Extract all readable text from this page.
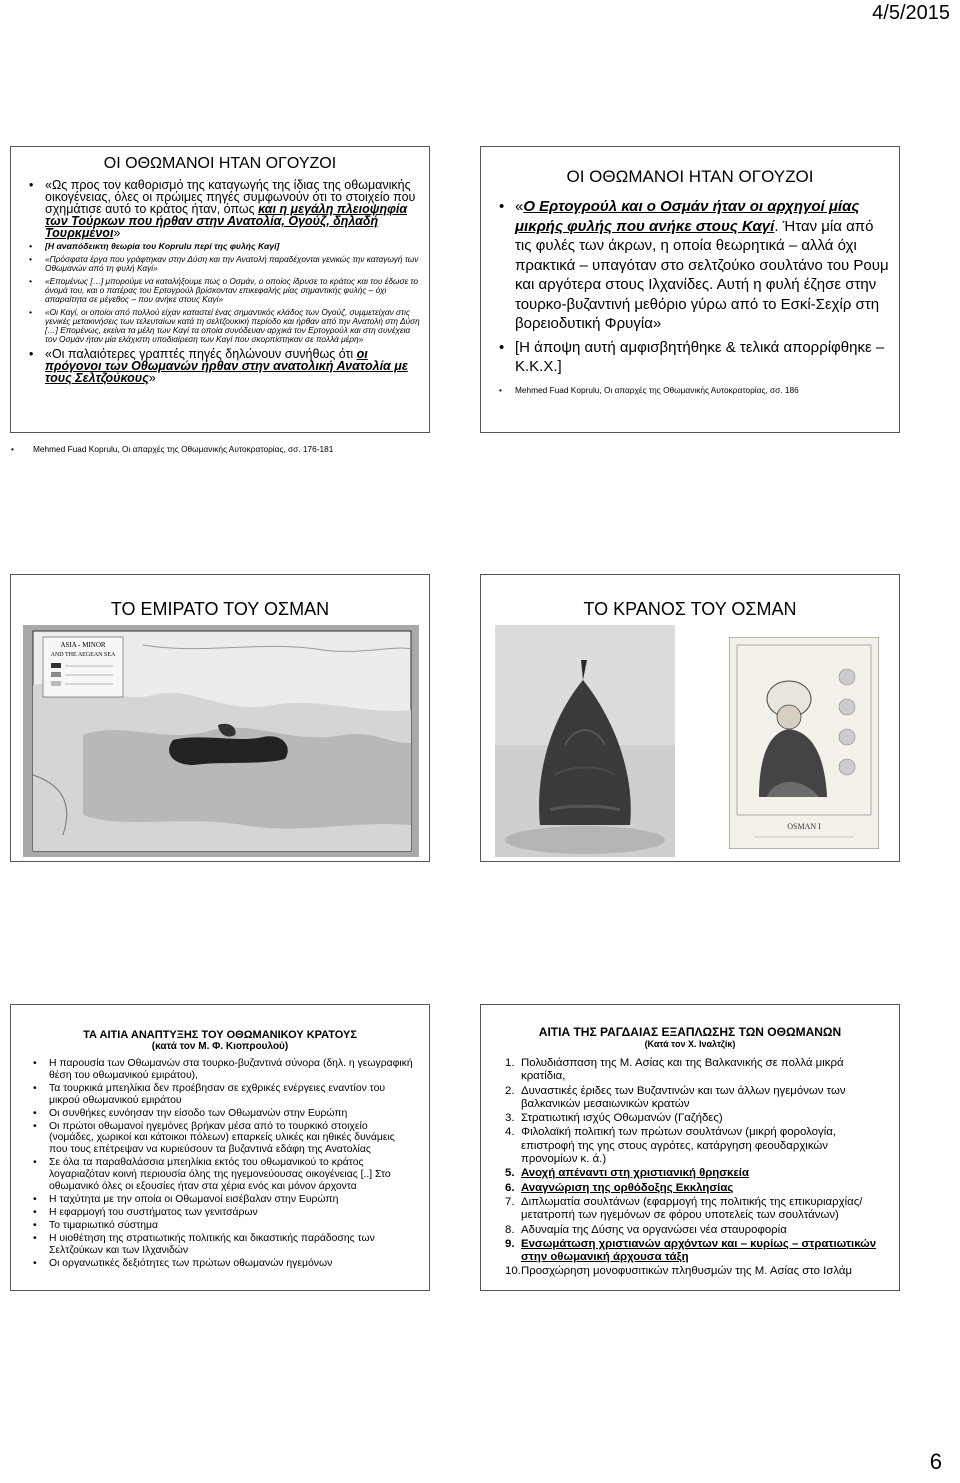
4/5/2015
ΟΙ ΟΘΩΜΑΝΟΙ ΗΤΑΝ ΟΓΟΥΖΟΙ
• «Ως προς τον καθορισμό της καταγωγής της ίδιας της οθωμανικής οικογένειας, όλες οι πρώιμες πηγές συμφωνούν ότι το στοιχείο που σχημάτισε αυτό το κράτος ήταν, όπως και η μεγάλη πλειοψηφία των Τούρκων που ήρθαν στην Ανατολία, Ογούζ, δηλαδή Τουρκμένοι»
• [Η αναπόδεικτη θεωρία του Koprulu περί της φυλής Καγί]
• «Πρόσφατα έργα που γράφτηκαν στην Δύση και την Ανατολή παραδέχονται γενικώς την καταγωγή των Οθωμανών από τη φυλή Καγί»
• «Επομένως […] μπορούμε να καταλήξουμε πως ο Οσμάν, ο οποίος ίδρυσε το κράτος και του έδωσε το όνομά του, και ο πατέρας του Ερτογρούλ βρίσκονταν επικεφαλής μίας σημαντικής φυλής – όχι απαραίτητα σε μέγεθος – που ανήκε στους Καγί»
• «Οι Καγί, οι οποίοι από πολλού είχαν καταστεί ένας σημαντικός κλάδος των Ογούζ, συμμετείχαν στις γενικές μετακινήσεις των τελευταίων κατά τη σελτζουκική περίοδο και ήρθαν από την Ανατολή στη Δύση […] Επομένως, εκείνα τα μέλη των Καγί τα οποία συνόδευαν αρχικά τον Ερτογρούλ και στη συνέχεια τον Οσμάν ήταν μία ελάχιστη υποδιαίρεση των Καγί που σκορπίστηκαν σε πολλά μέρη»
• «Οι παλαιότερες γραπτές πηγές δηλώνουν συνήθως ότι οι πρόγονοι των Οθωμανών ήρθαν στην ανατολική Ανατολία με τους Σελτζούκους»
• Mehmed Fuad Koprulu, Οι απαρχές της Οθωμανικής Αυτοκρατορίας, σσ. 176-181
ΟΙ ΟΘΩΜΑΝΟΙ ΗΤΑΝ ΟΓΟΥΖΟΙ
• «Ο Ερτογρούλ και ο Οσμάν ήταν οι αρχηγοί μίας μικρής φυλής που ανήκε στους Καγί. Ήταν μία από τις φυλές των άκρων, η οποία θεωρητικά – αλλά όχι πρακτικά – υπαγόταν στο σελτζούκο σουλτάνο του Ρουμ και αργότερα στους Ιλχανίδες. Αυτή η φυλή έζησε στην τουρκο-βυζαντινή μεθόριο γύρω από το Εσκί-Σεχίρ στη βορειοδυτική Φρυγία»
• [Η άποψη αυτή αμφισβητήθηκε & τελικά απορρίφθηκε – Κ.Κ.Χ.]
• Mehmed Fuad Koprulu, Οι απαρχές της Οθωμανικής Αυτοκρατορίας, σσ. 186
ΤΟ ΕΜΙΡΑΤΟ ΤΟΥ ΟΣΜΑΝ
ASIA - MINOR
AND THE AEGEAN SEA
ΤΟ ΚΡΑΝΟΣ ΤΟΥ ΟΣΜΑΝ
OSMAN I
ΤΑ ΑΙΤΙΑ ΑΝΑΠΤΥΞΗΣ ΤΟΥ ΟΘΩΜΑΝΙΚΟΥ ΚΡΑΤΟΥΣ
(κατά τον Μ. Φ. Κιοπρουλού)
• Η παρουσία των Οθωμανών στα τουρκο-βυζαντινά σύνορα (δηλ. η γεωγραφική θέση του οθωμανικού εμιράτου),
• Τα τουρκικά μπεηλίκια δεν προέβησαν σε εχθρικές ενέργειες εναντίον του μικρού οθωμανικού εμιράτου
• Οι συνθήκες ευνόησαν την είσοδο των Οθωμανών στην Ευρώπη
• Οι πρώτοι οθωμανοί ηγεμόνες βρήκαν μέσα από το τουρκικό στοιχείο (νομάδες, χωρικοί και κάτοικοι πόλεων) επαρκείς υλικές και ηθικές δυνάμεις που τους επέτρεψαν να κυριεύσουν τα βυζαντινά εδάφη της Ανατολίας
• Σε όλα τα παραθαλάσσια μπεηλίκια εκτός του οθωμανικού το κράτος λογαριαζόταν κοινή περιουσία όλης της ηγεμονεύουσας οικογένειας [..] Στο οθωμανικό όλες οι εξουσίες ήταν στα χέρια ενός και μόνον άρχοντα
• Η ταχύτητα με την οποία οι Οθωμανοί εισέβαλαν στην Ευρώπη
• Η εφαρμογή του συστήματος των γενιτσάρων
• Το τιμαριωτικό σύστημα
• Η υιοθέτηση της στρατιωτικής πολιτικής και δικαστικής παράδοσης των Σελτζούκων και των Ιλχανιδών
• Οι οργανωτικές δεξιότητες των πρώτων οθωμανών ηγεμόνων
ΑΙΤΙΑ ΤΗΣ ΡΑΓΔΑΙΑΣ ΕΞΑΠΛΩΣΗΣ ΤΩΝ ΟΘΩΜΑΝΩΝ
(Κατά τον Χ. Ιναλτζίκ)
1. Πολυδιάσπαση της Μ. Ασίας και της Βαλκανικής σε πολλά μικρά κρατίδια,
2. Δυναστικές έριδες των Βυζαντινών και των άλλων ηγεμόνων των βαλκανικών μεσαιωνικών κρατών
3. Στρατιωτική ισχύς Οθωμανών (Γαζήδες)
4. Φιλολαϊκή πολιτική των πρώτων σουλτάνων (μικρή φορολογία, επιστροφή της γης στους αγρότες, κατάργηση φεουδαρχικών προνομίων κ. ά.)
5. Ανοχή απέναντι στη χριστιανική θρησκεία
6. Αναγνώριση της ορθόδοξης Εκκλησίας
7. Διπλωματία σουλτάνων (εφαρμογή της πολιτικής της επικυριαρχίας/ μετατροπή των ηγεμόνων σε φόρου υποτελείς των σουλτάνων)
8. Αδυναμία της Δύσης να οργανώσει νέα σταυροφορία
9. Ενσωμάτωση χριστιανών αρχόντων και – κυρίως – στρατιωτικών στην οθωμανική άρχουσα τάξη
10. Προσχώρηση μονοφυσιτικών πληθυσμών της Μ. Ασίας στο Ισλάμ
6
